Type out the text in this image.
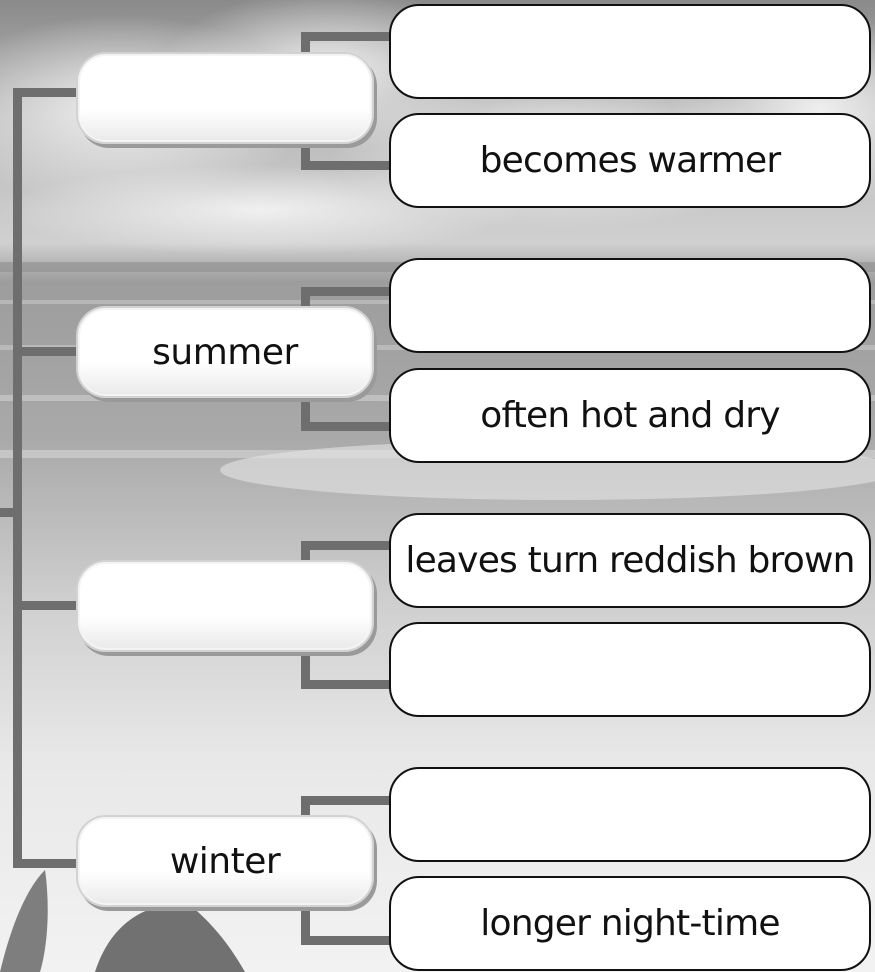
summer
winter
becomes warmer
often hot and dry
leaves turn reddish brown
longer night-time
